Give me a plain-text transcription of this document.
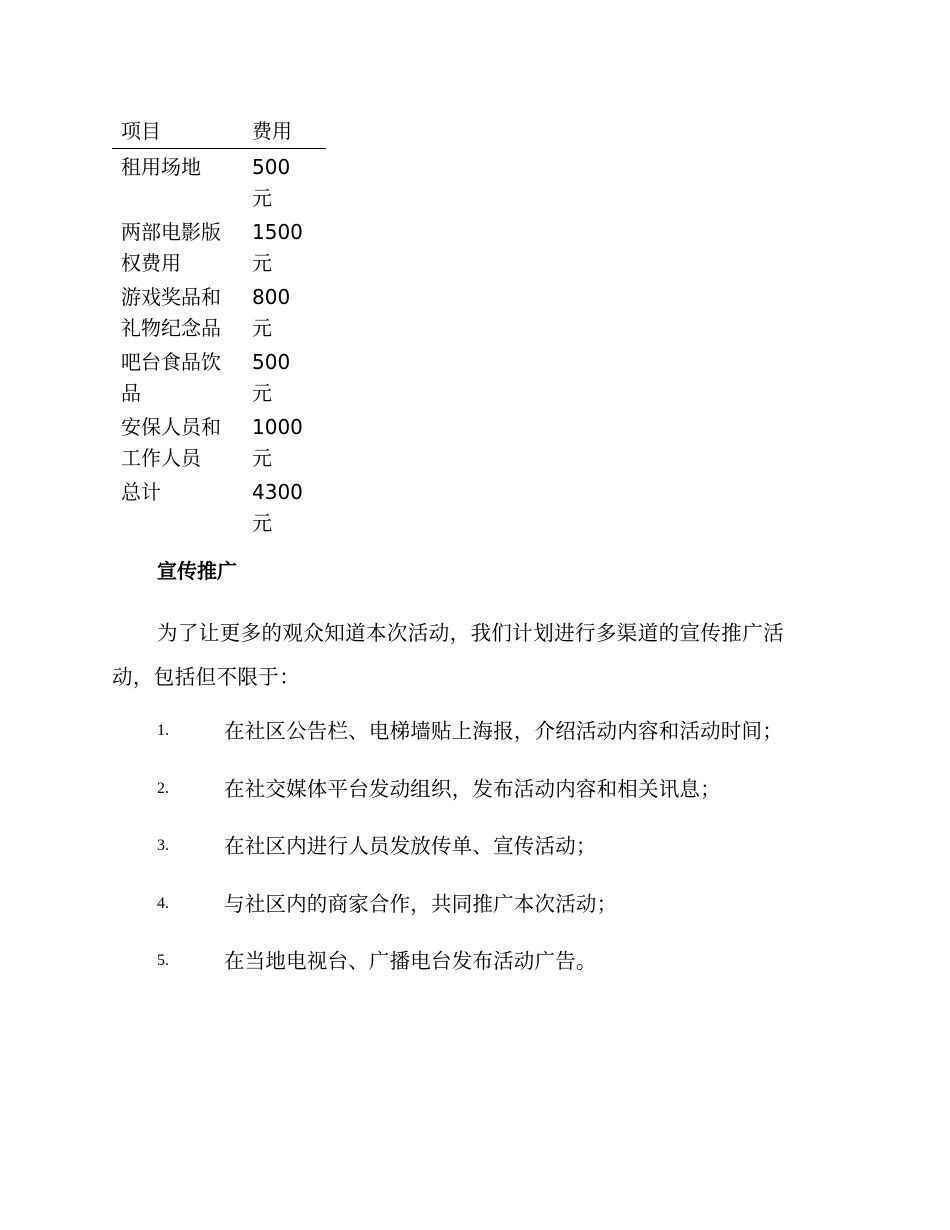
项目	费用

租用场地	500元

两部电影版权费用	1500元

游戏奖品和礼物纪念品	800元

吧台食品饮品	500元

安保人员和工作人员	1000元

总计	4300元
宣传推广

为了让更多的观众知道本次活动，我们计划进行多渠道的宣传推广活动，包括但不限于：

1.	在社区公告栏、电梯墙贴上海报，介绍活动内容和活动时间；
2.	在社交媒体平台发动组织，发布活动内容和相关讯息；
3.	在社区内进行人员发放传单、宣传活动；
4.	与社区内的商家合作，共同推广本次活动；
5.	在当地电视台、广播电台发布活动广告。
